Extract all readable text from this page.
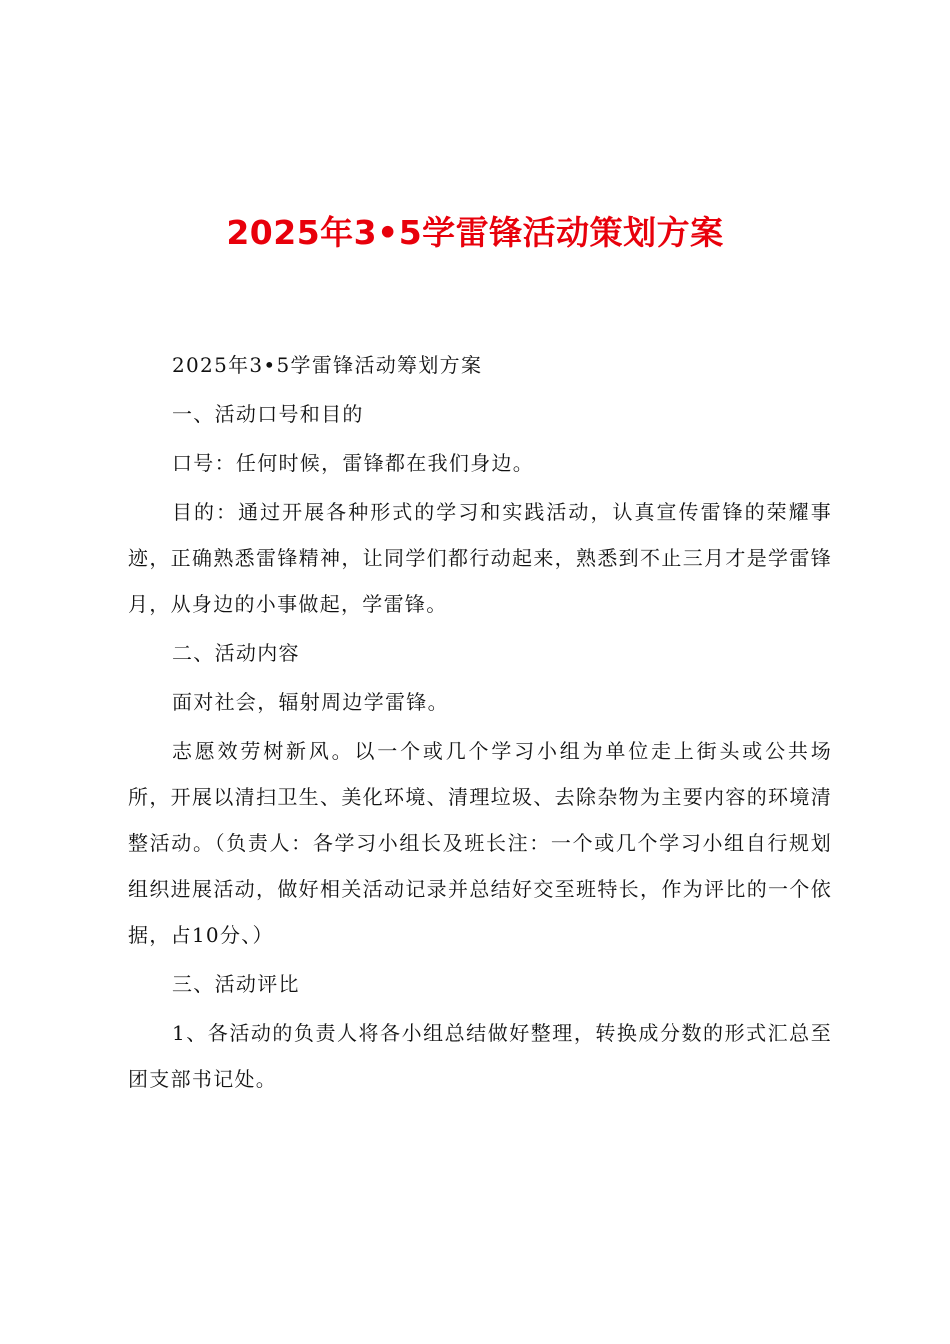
2025年3•5学雷锋活动策划方案

2025年3•5学雷锋活动筹划方案

一、活动口号和目的

口号：任何时候，雷锋都在我们身边。

目的：通过开展各种形式的学习和实践活动，认真宣传雷锋的荣耀事迹，正确熟悉雷锋精神，让同学们都行动起来，熟悉到不止三月才是学雷锋月，从身边的小事做起，学雷锋。

二、活动内容

面对社会，辐射周边学雷锋。

志愿效劳树新风。以一个或几个学习小组为单位走上街头或公共场所，开展以清扫卫生、美化环境、清理垃圾、去除杂物为主要内容的环境清整活动。（负责人：各学习小组长及班长注：一个或几个学习小组自行规划组织进展活动，做好相关活动记录并总结好交至班特长，作为评比的一个依据，占10分、）

三、活动评比

1、各活动的负责人将各小组总结做好整理，转换成分数的形式汇总至团支部书记处。
